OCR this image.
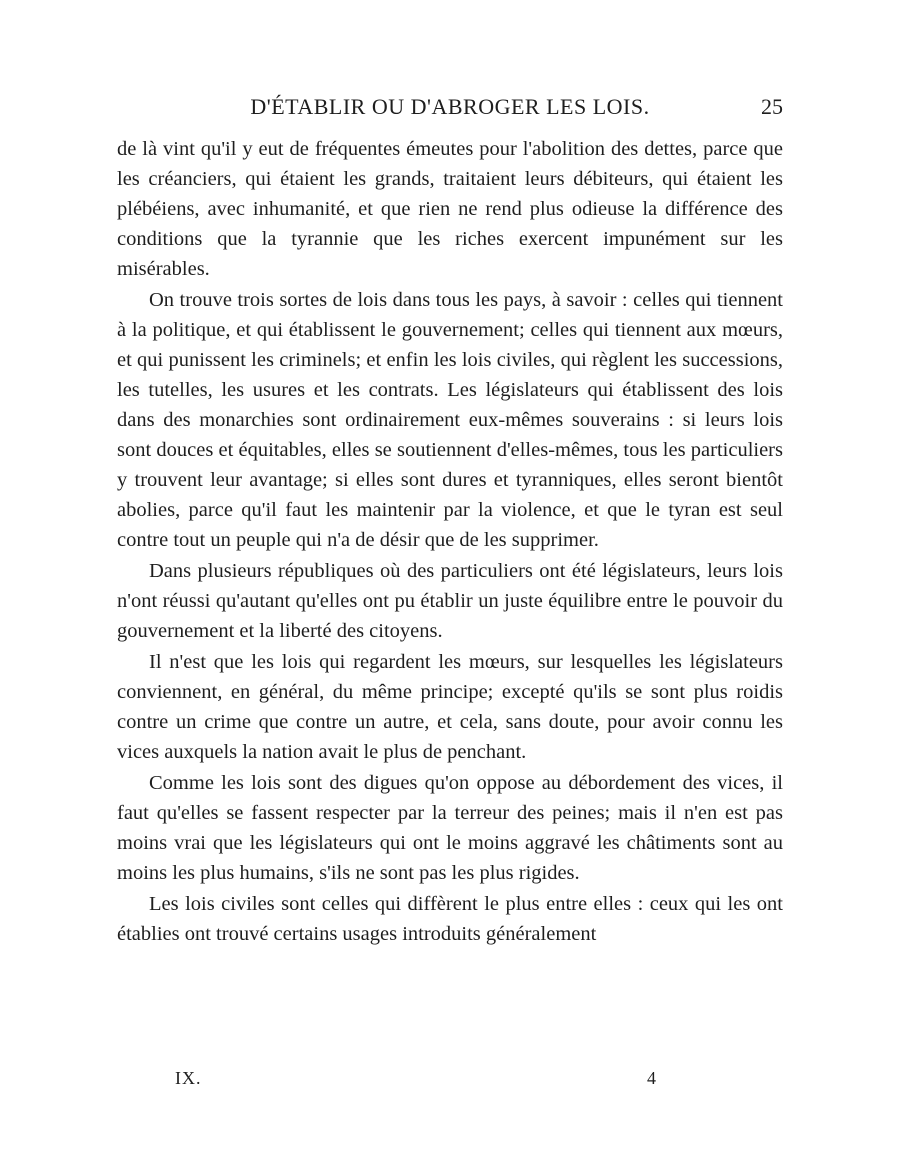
D'ÉTABLIR OU D'ABROGER LES LOIS.	25

de là vint qu'il y eut de fréquentes émeutes pour l'abolition des dettes, parce que les créanciers, qui étaient les grands, traitaient leurs débiteurs, qui étaient les plébéiens, avec inhumanité, et que rien ne rend plus odieuse la différence des conditions que la tyrannie que les riches exercent impunément sur les misérables.

On trouve trois sortes de lois dans tous les pays, à savoir : celles qui tiennent à la politique, et qui établissent le gouvernement; celles qui tiennent aux mœurs, et qui punissent les criminels; et enfin les lois civiles, qui règlent les successions, les tutelles, les usures et les contrats. Les législateurs qui établissent des lois dans des monarchies sont ordinairement eux-mêmes souverains : si leurs lois sont douces et équitables, elles se soutiennent d'elles-mêmes, tous les particuliers y trouvent leur avantage; si elles sont dures et tyranniques, elles seront bientôt abolies, parce qu'il faut les maintenir par la violence, et que le tyran est seul contre tout un peuple qui n'a de désir que de les supprimer.

Dans plusieurs républiques où des particuliers ont été législateurs, leurs lois n'ont réussi qu'autant qu'elles ont pu établir un juste équilibre entre le pouvoir du gouvernement et la liberté des citoyens.

Il n'est que les lois qui regardent les mœurs, sur lesquelles les législateurs conviennent, en général, du même principe; excepté qu'ils se sont plus roidis contre un crime que contre un autre, et cela, sans doute, pour avoir connu les vices auxquels la nation avait le plus de penchant.

Comme les lois sont des digues qu'on oppose au débordement des vices, il faut qu'elles se fassent respecter par la terreur des peines; mais il n'en est pas moins vrai que les législateurs qui ont le moins aggravé les châtiments sont au moins les plus humains, s'ils ne sont pas les plus rigides.

Les lois civiles sont celles qui diffèrent le plus entre elles : ceux qui les ont établies ont trouvé certains usages introduits généralement

IX.	4
